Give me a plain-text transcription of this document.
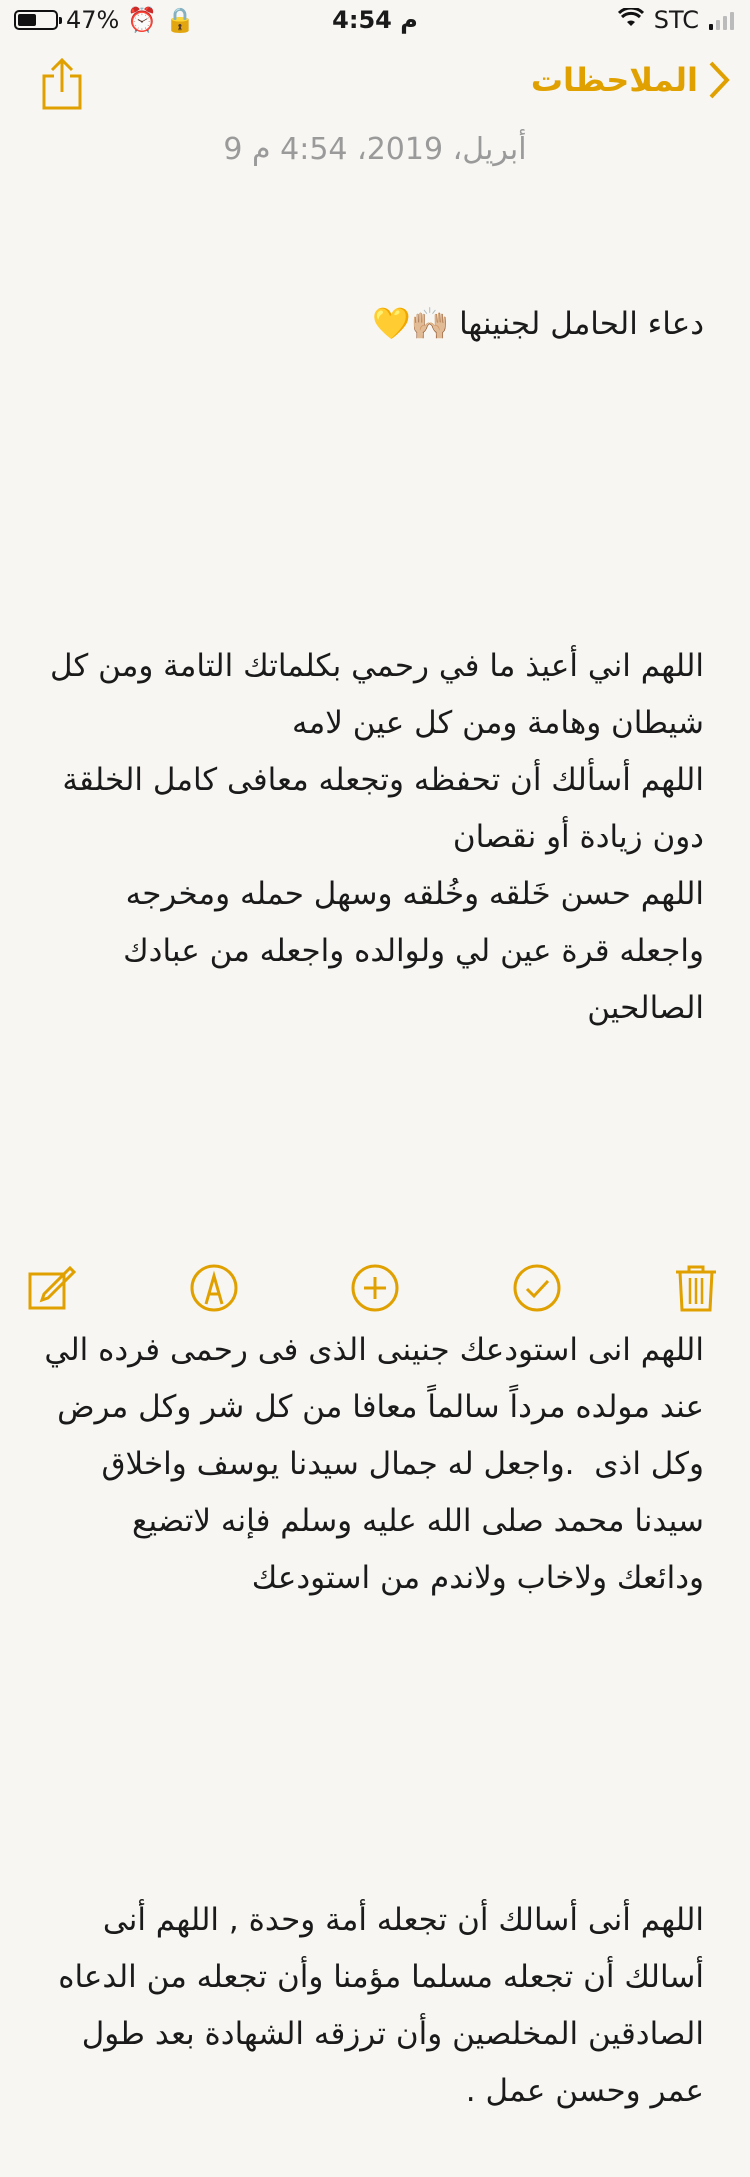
47% ⏰ 🔒	4:54 م	STC
الملاحظات
9 أبريل، 2019، 4:54 م

دعاء الحامل لجنينها 🙌🏼💛

اللهم اني أعيذ ما في رحمي بكلماتك التامة ومن كل شيطان وهامة ومن كل عين لامه
اللهم أسألك أن تحفظه وتجعله معافى كامل الخلقة دون زيادة أو نقصان
اللهم حسن خَلقه وخُلقه وسهل حمله ومخرجه واجعله قرة عين لي ولوالده واجعله من عبادك الصالحين

اللهم انى استودعك جنينى الذى فى رحمى فرده الي عند مولده مرداً سالماً معافا من كل شر وكل مرض وكل اذى  .واجعل له جمال سيدنا يوسف واخلاق سيدنا محمد صلى الله عليه وسلم فإنه لاتضيع ودائعك ولاخاب ولاندم من استودعك

اللهم أنى أسالك أن تجعله أمة وحدة , اللهم أنى أسالك أن تجعله مسلما مؤمنا وأن تجعله من الدعاه الصادقين المخلصين وأن ترزقه الشهادة بعد طول عمر وحسن عمل .
